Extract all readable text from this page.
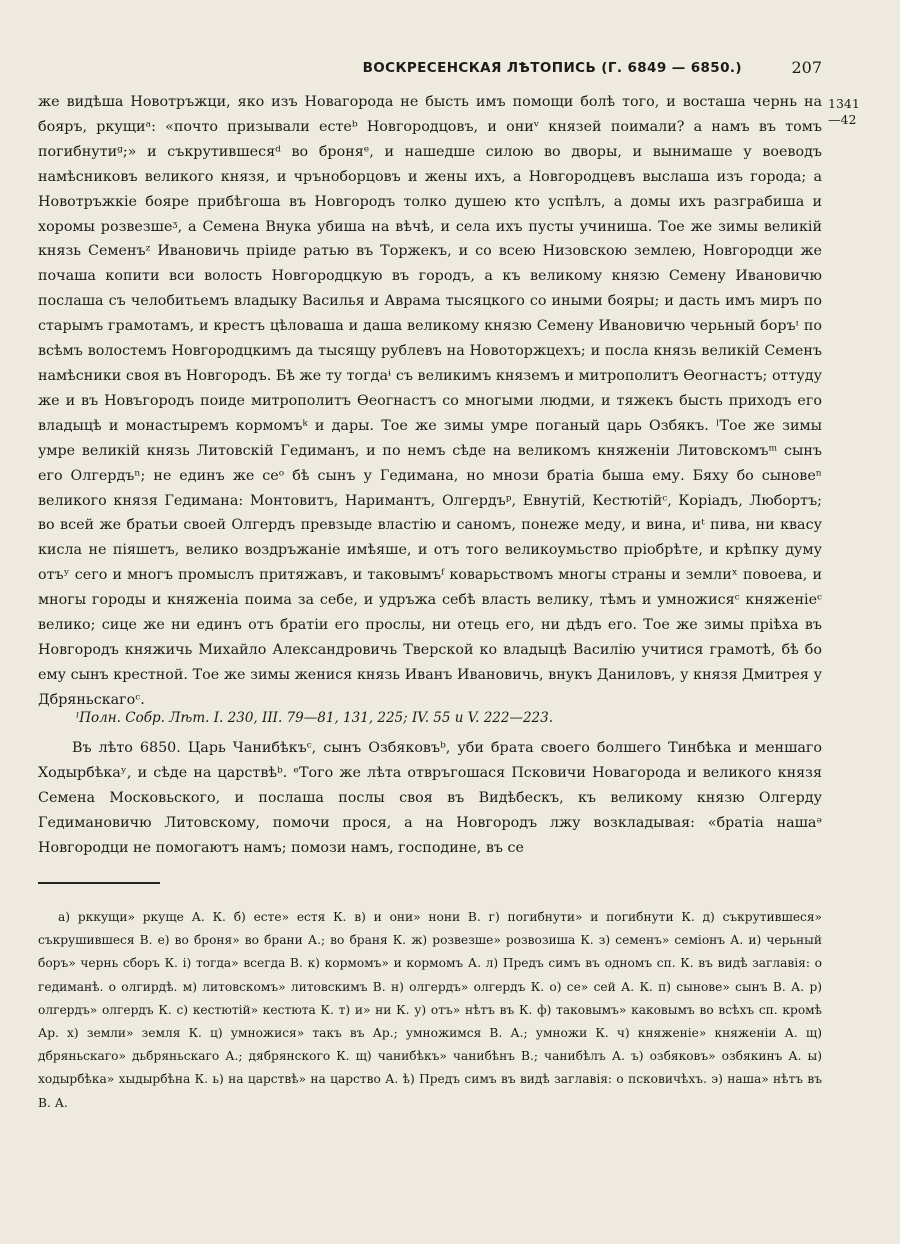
ВОСКРЕСЕНСКАЯ ЛѢТОПИСЬ (Г. 6849 — 6850.)	207
1341
—42

же видѣша Новотръжци, яко изъ Новагорода не бысть имъ помощи болѣ того, и восташа чернь на бояръ, ркущиᵃ: «почто призывали естеᵇ Новгородцовъ, и ониᵛ князей поимали? а намъ въ томъ погибнутиᵍ;» и съкрутившесяᵈ во броняᵉ, и нашедше силою во дворы, и вынимаше у воеводъ намѣсниковъ великого князя, и чръноборцовъ и жены ихъ, а Новгородцевъ выслаша изъ города; а Новотръжкіе бояре прибѣгоша въ Новгородъ толко душею кто успѣлъ, а домы ихъ разграбиша и хоромы розвезшеᶾ, а Семена Внука убиша на вѣчѣ, и села ихъ пусты учиниша. Тое же зимы великій князь Семенъᶻ Ивановичь пріиде ратью въ Торжекъ, и со всею Низовскою землею, Новгородци же почаша копити вси волость Новгородцкую въ городъ, а къ великому князю Семену Ивановичю послаша съ челобитьемъ владыку Василья и Аврама тысяцкого со иными бояры; и дасть имъ миръ по старымъ грамотамъ, и крестъ цѣловаша и даша великому князю Семену Ивановичю черьный боръᶦ по всѣмъ волостемъ Новгородцкимъ да тысящу рублевъ на Новоторжцехъ; и посла князь великій Семенъ намѣсники своя въ Новгородъ. Бѣ же ту тогдаᶤ съ великимъ княземъ и митрополитъ Ѳеогнастъ; оттуду же и въ Новъгородъ поиде митрополитъ Ѳеогнастъ со многыми людми, и тяжекъ бысть приходъ его владыцѣ и монастыремъ кормомъᵏ и дары. Тое же зимы умре поганый царь Озбякъ. ˡТое же зимы умре великій князь Литовскій Гедиманъ, и по немъ сѣде на великомъ княженіи Литовскомъᵐ сынъ его Олгердъⁿ; не единъ же сеᵒ бѣ сынъ у Гедимана, но мнози братіа быша ему. Бяху бо сыновеⁿ великого князя Гедимана: Монтовитъ, Наримантъ, Олгердъᵖ, Евнутій, Кестютійᶜ, Коріадъ, Любортъ; во всей же братьи своей Олгердъ превзыде властію и саномъ, понеже меду, и вина, иᵗ пива, ни квасу кисла не піяшетъ, велико воздръжаніе имѣяше, и отъ того великоумьство пріобрѣте, и крѣпку думу отъʸ сего и многъ промыслъ притяжавъ, и таковымъᶠ коварьствомъ многы страны и землиˣ повоева, и многы городы и княженіа поима за себе, и удръжа себѣ власть велику, тѣмъ и умножисяᶜ княженіеᶜ велико; сице же ни единъ отъ братіи его прослы, ни отець его, ни дѣдъ его. Тое же зимы пріѣха въ Новгородъ княжичь Михайло Александровичь Тверской ко владыцѣ Василію учитися грамотѣ, бѣ бо ему сынъ крестной. Тое же зимы женися князь Иванъ Ивановичь, внукъ Даниловъ, у князя Дмитрея у Дбряньскагоᶜ.

ˡПолн. Собр. Лѣт. I. 230, III. 79—81, 131, 225; IV. 55 и V. 222—223.

Въ лѣто 6850. Царь Чанибѣкъᶜ, сынъ Озбяковъᵇ, уби брата своего болшего Тинбѣка и меншаго Ходырбѣкаʸ, и сѣде на царствѣᵇ. ᵉТого же лѣта отвръгошася Псковичи Новагорода и великого князя Семена Московьского, и послаша послы своя въ Видѣбескъ, къ великому князю Олгерду Гедимановичю Литовскому, помочи прося, а на Новгородъ лжу возкладывая: «братіа нашаᵊ Новгородци не помогаютъ намъ; помози намъ, господине, въ се

а) рккущи» ркуще А. К. б) есте» естя К. в) и они» нони В. г) погибнути» и погибнути К. д) съкрутившеся» съкрушившеся В. е) во броня» во брани А.; во браня К. ж) розвезше» розвозиша К. з) семенъ» семіонъ А. и) черьный боръ» чернь сборъ К. і) тогда» всегда В. к) кормомъ» и кормомъ А. л) Предъ симъ въ одномъ сп. К. въ видѣ заглавія: о гедиманѣ. о олгирдѣ. м) литовскомъ» литовскимъ В. н) олгердъ» олгердъ К. о) се» сей А. К. п) сынове» сынъ В. А. р) олгердъ» олгердъ К. с) кестютій» кестюта К. т) и» ни К. у) отъ» нѣтъ въ К. ф) таковымъ» каковымъ во всѣхъ сп. кромѣ Ар. х) земли» земля К. ц) умножися» такъ въ Ар.; умножимся В. А.; умножи К. ч) княженіе» княженіи А. щ) дбряньскаго» дьбряньскаго А.; дябрянского К. щ) чанибѣкъ» чанибѣнъ В.; чанибѣлъ А. ъ) озбяковъ» озбякинъ А. ы) ходырбѣка» хыдырбѣна К. ь) на царствѣ» на царство А. ѣ) Предъ симъ въ видѣ заглавія: о псковичѣхъ. э) наша» нѣтъ въ В. А.
